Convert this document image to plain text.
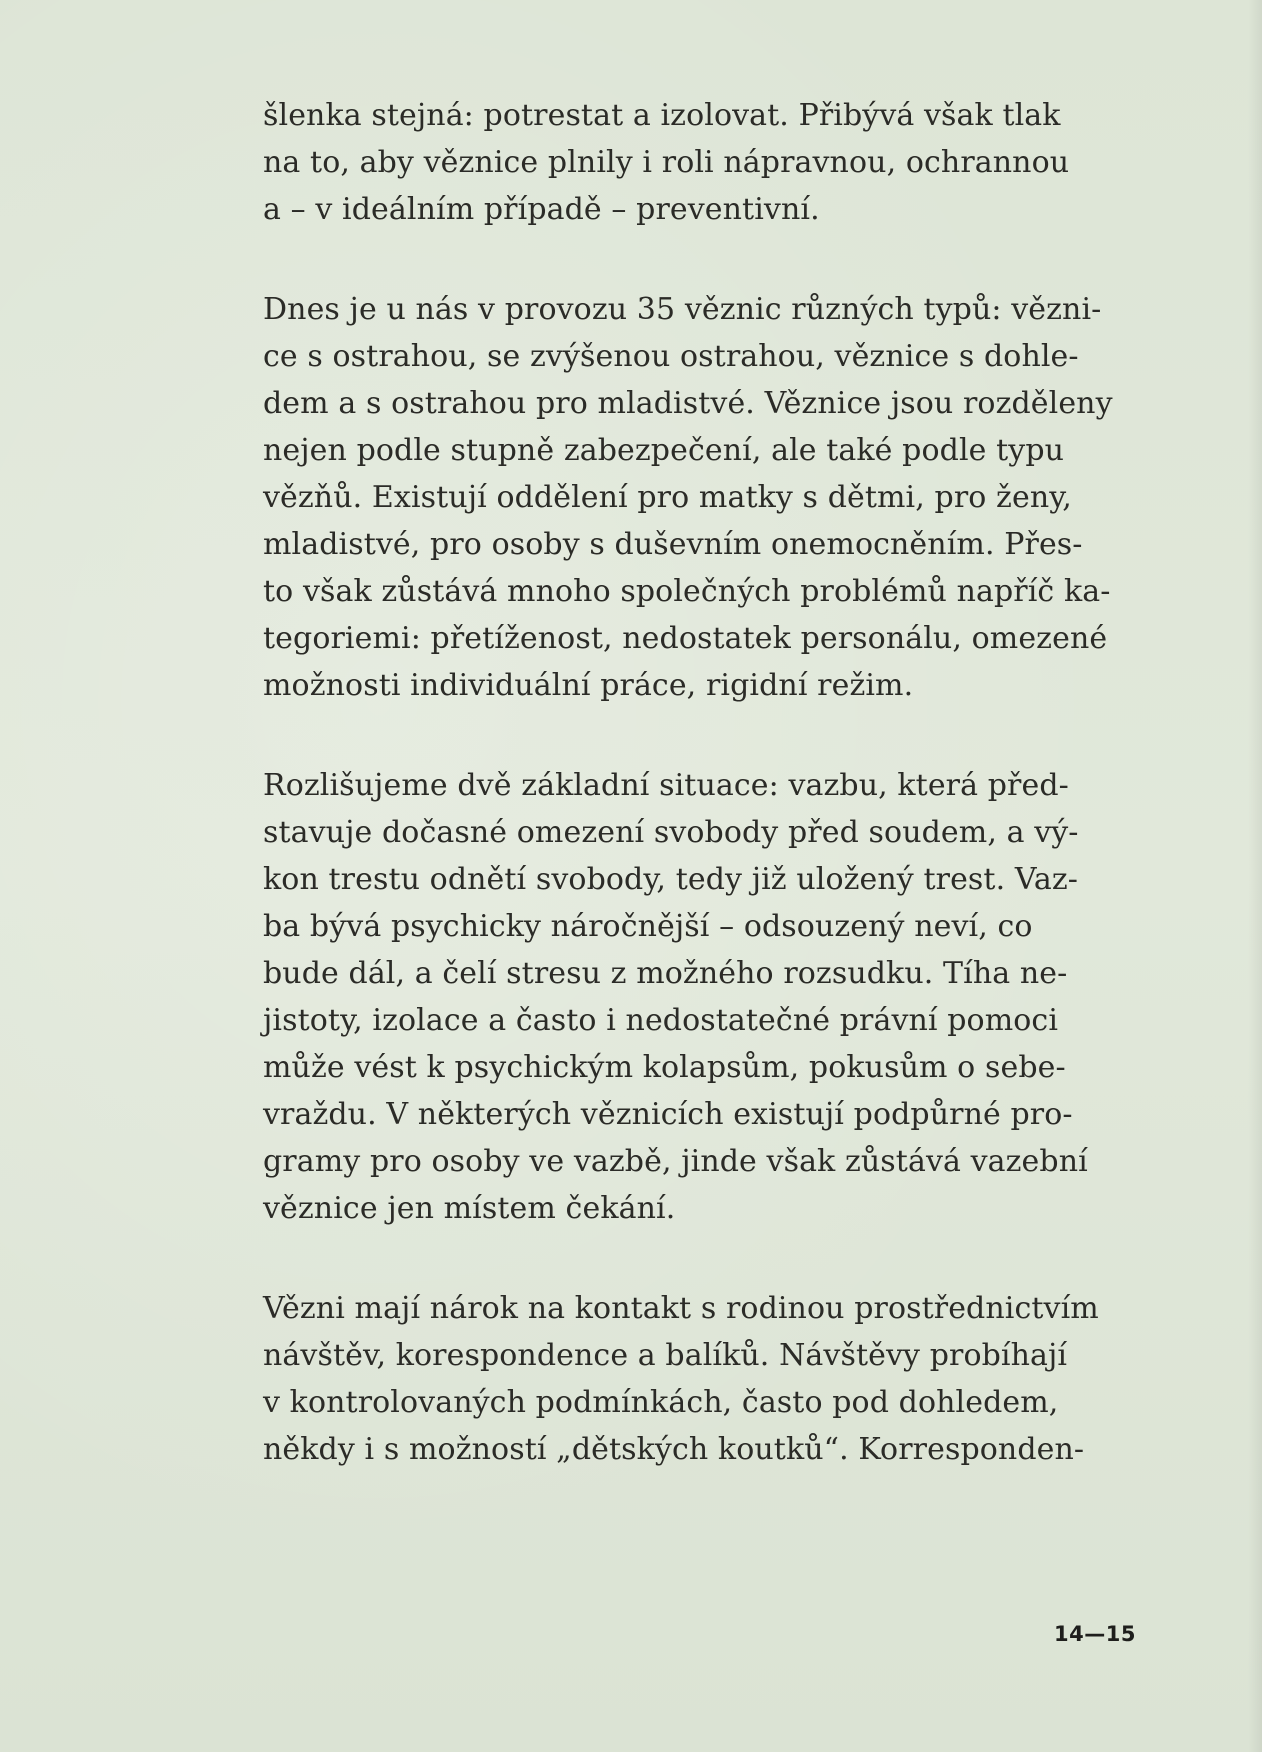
šlenka stejná: potrestat a izolovat. Přibývá však tlak
na to, aby věznice plnily i roli nápravnou, ochrannou
a – v ideálním případě – preventivní.

Dnes je u nás v provozu 35 věznic různých typů: vězni-
ce s ostrahou, se zvýšenou ostrahou, věznice s dohle-
dem a s ostrahou pro mladistvé. Věznice jsou rozděleny
nejen podle stupně zabezpečení, ale také podle typu
vězňů. Existují oddělení pro matky s dětmi, pro ženy,
mladistvé, pro osoby s duševním onemocněním. Přes-
to však zůstává mnoho společných problémů napříč ka-
tegoriemi: přetíženost, nedostatek personálu, omezené
možnosti individuální práce, rigidní režim.

Rozlišujeme dvě základní situace: vazbu, která před-
stavuje dočasné omezení svobody před soudem, a vý-
kon trestu odnětí svobody, tedy již uložený trest. Vaz-
ba bývá psychicky náročnější – odsouzený neví, co
bude dál, a čelí stresu z možného rozsudku. Tíha ne-
jistoty, izolace a často i nedostatečné právní pomoci
může vést k psychickým kolapsům, pokusům o sebe-
vraždu. V některých věznicích existují podpůrné pro-
gramy pro osoby ve vazbě, jinde však zůstává vazební
věznice jen místem čekání.

Vězni mají nárok na kontakt s rodinou prostřednictvím
návštěv, korespondence a balíků. Návštěvy probíhají
v kontrolovaných podmínkách, často pod dohledem,
někdy i s možností „dětských koutků“. Korresponden-

14—15
